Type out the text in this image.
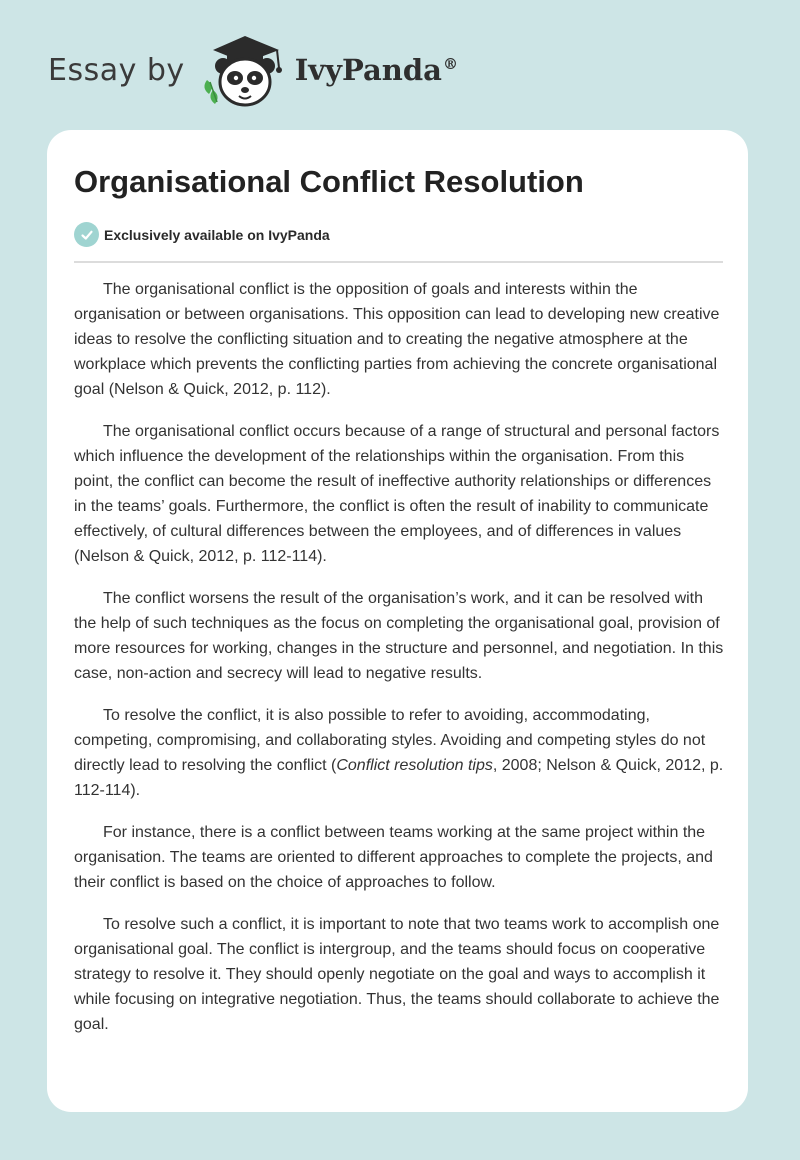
Essay by	IvyPanda®
Organisational Conflict Resolution
Exclusively available on IvyPanda

The organisational conflict is the opposition of goals and interests within the organisation or between organisations. This opposition can lead to developing new creative ideas to resolve the conflicting situation and to creating the negative atmosphere at the workplace which prevents the conflicting parties from achieving the concrete organisational goal (Nelson & Quick, 2012, p. 112).

The organisational conflict occurs because of a range of structural and personal factors which influence the development of the relationships within the organisation. From this point, the conflict can become the result of ineffective authority relationships or differences in the teams’ goals. Furthermore, the conflict is often the result of inability to communicate effectively, of cultural differences between the employees, and of differences in values (Nelson & Quick, 2012, p. 112-114).

The conflict worsens the result of the organisation’s work, and it can be resolved with the help of such techniques as the focus on completing the organisational goal, provision of more resources for working, changes in the structure and personnel, and negotiation. In this case, non-action and secrecy will lead to negative results.

To resolve the conflict, it is also possible to refer to avoiding, accommodating, competing, compromising, and collaborating styles. Avoiding and competing styles do not directly lead to resolving the conflict (Conflict resolution tips, 2008; Nelson & Quick, 2012, p. 112-114).

For instance, there is a conflict between teams working at the same project within the organisation. The teams are oriented to different approaches to complete the projects, and their conflict is based on the choice of approaches to follow.

To resolve such a conflict, it is important to note that two teams work to accomplish one organisational goal. The conflict is intergroup, and the teams should focus on cooperative strategy to resolve it. They should openly negotiate on the goal and ways to accomplish it while focusing on integrative negotiation. Thus, the teams should collaborate to achieve the goal.
